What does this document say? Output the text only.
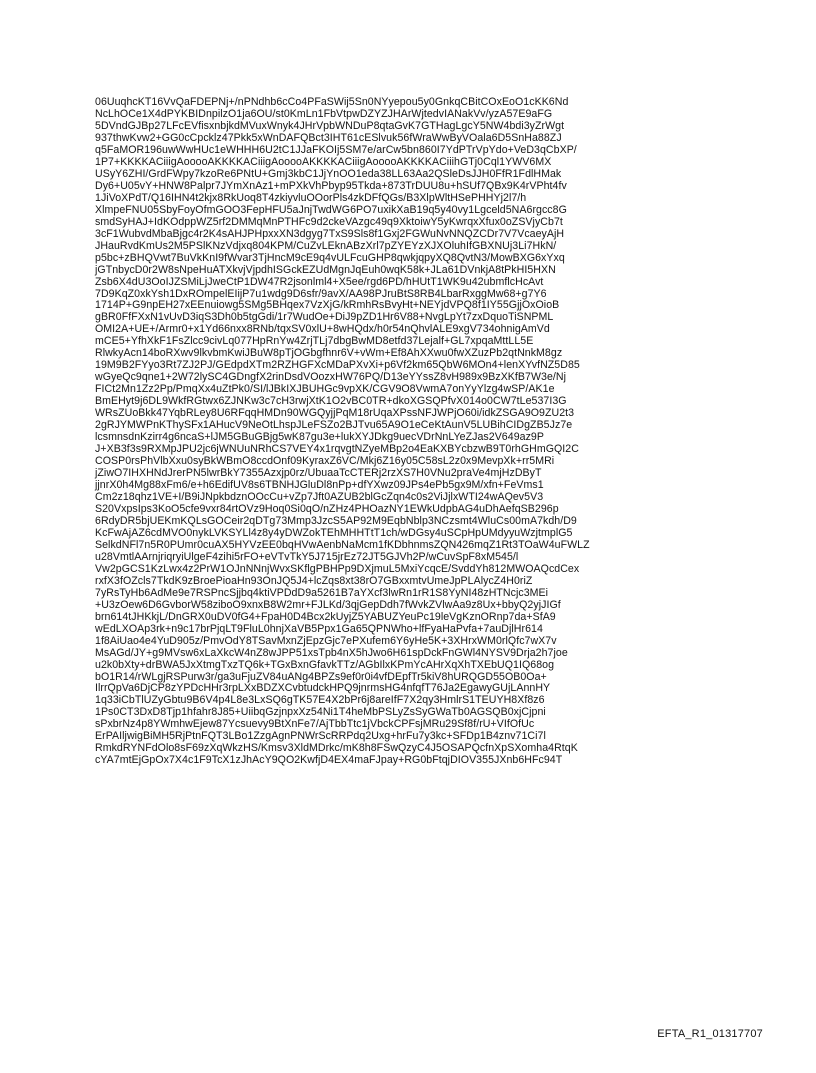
06UuqhcKT16VvQaFDEPNj+/nPNdhb6cCo4PFaSWij5Sn0NYyepou5y0GnkqCBitCOxEoO1cKK6Nd
NcLhOCe1X4dPYKBIDnpilzO1ja6OU/st0KmLn1FbVtpwDZYZJHArWjtedvIANakVv/yzA57E9aFG
5DVndGJBp27LFcEVfisxnbjkdMVuxWnyk4JHrVpbWNDuP8qtaGvK7GTHagLgcY5NW4bdi3yZrWgt
937thwKvw2+GG0cCpcklz47Pkk5xWnDAFQBct3IHT61cESlvuk56fWraWwByVOala6D5SnHa88ZJ
q5FaMOR196uwWwHUc1eWHHH6U2tC1JJaFKOIj5SM7e/arCw5bn860I7YdPTrVpYdo+VeD3qCbXP/
1P7+KKKKACiiigAooooAKKKKACiiigAooooAKKKKACiiigAooooAKKKKACiiihGTj0Cql1YWV6MX
USyY6ZHI/GrdFWpy7kzoRe6PNtU+Gmj3kbC1JjYnOO1eda38LL63Aa2QSleDsJJH0FfR1FdlHMak
Dy6+U05vY+HNW8Palpr7JYmXnAz1+mPXkVhPbyp95Tkda+873TrDUU8u+hSUf7QBx9K4rVPht4fv
1JiVoXPdT/Q16IHN4t2kjx8RkUoq8T4zkiyvluOOorPls4zkDFfQGs/B3XlpWltHSePHHYj2l7/h
XlmpeFNU05SbyFoyOfmGOO3FepHFU5aJnjTwdWG6PO7uxikXaB19q5y40vy1Lgceld5NA6rgcc8G
smdSyHAJ+IdKOdppWZ5rf2DMMqMnPTHFc9d2ckeVAzgc49q9XktoiwY5yKwrqxXfux0oZSVjyCb7t
3cF1WubvdMbaBjgc4r2K4sAHJPHpxxXN3dgyg7TxS9Sls8f1Gxj2FGWuNvNNQZCDr7V7VcaeyAjH
JHauRvdKmUs2M5PSlKNzVdjxq804KPM/CuZvLEknABzXrl7pZYEYzXJXOluhIfGBXNUj3Li7HkN/
p5bc+zBHQVwt7BuVkKnI9fWvar3TjHncM9cE9q4vULFcuGHP8qwkjqpyXQ8QvtN3/MowBXG6xYxq
jGTnbycD0r2W8sNpeHuATXkvjVjpdhISGckEZUdMgnJqEuh0wqK58k+JLa61DVnkjA8tPkHI5HXN
Zsb6X4dU3OoIJZSMiLjJweCtP1DW47R2jsonlml4+X5ee/rgd6PD/hHUtT1WK9u42ubmflcHcAvt
7D9KqZ0xkYsh1DxROmpelEIijP7u1wdg9D6sfr/9avX/AA98PJruBtS8RB4LbarRxggMw68+g7Y6
1714P+G9npEH27xEEnuiowg5SMg5BHqex7VzXjG/kRmhRsBvyHt+NEYjdVPQ8f1IY55GjjOxOioB
gBR0FfFXxN1vUvD3iqS3Dh0b5tgGdi/1r7WudOe+DiJ9pZD1Hr6V88+NvgLpYt7zxDquoTiSNPML
OMI2A+UE+/Armr0+x1Yd66nxx8RNb/tqxSV0xlU+8wHQdx/h0r54nQhvlALE9xgV734ohnigAmVd
mCE5+YfhXkF1FsZlcc9civLq077HpRnYw4ZrjTLj7dbgBwMD8etfd37Lejalf+GL7xpqaMttLL5E
RlwkyAcn14boRXwv9lkvbmKwiJBuW8pTjOGbgfhnr6V+vWm+Ef8AhXXwu0fwXZuzPb2qtNnkM8gz
19M9B2FYyo3Rt7ZJ2PJ/GEdpdXTm2RZHGFXcMDaPXvXi+p6Vf2km65QbW6MOn4+lenXYvfNZ5D85
wGyeQc9qne1+2W72lySC4GDngfX2rinDsdVOozxHW76PQ/D13eYYssZ8vH989x9BzXKfB7W3e/Nj
FICt2Mn1Zz2Pp/PmqXx4uZtPk0/SI/lJBkIXJBUHGc9vpXK/CGV9O8VwmA7onYyYlzg4wSP/AK1e
BmEHyt9j6DL9WkfRGtwx6ZJNKw3c7cH3rwjXtK1O2vBC0TR+dkoXGSQPfvX014o0CW7tLe537I3G
WRsZUoBkk47YqbRLey8U6RFqqHMDn90WGQyjjPqM18rUqaXPssNFJWPjO60i/idkZSGA9O9ZU2t3
2gRJYMWPnKThySFx1AHucV9NeOtLhspJLeFSZo2BJTvu65A9O1eCeKtAunV5LUBihCIDgZB5Jz7e
lcsmnsdnKzirr4g6ncaS+lJM5GBuGBjg5wK87gu3e+lukXYJDkg9uecVDrNnLYeZJas2V649az9P
J+XB3f3s9RXMpJPU2jc6jWNUuNRhCS7VEY4x1rqvgtNZyeMBp2o4EaKXBYcbzwB9T0rhGHmGQI2C
COSP0rsPhVlbXxu0syBkWBmO8ccdOnf09KyraxZ6VC/Mkj6Z16y05C58sL2z0x9MevpXk+rr5MRi
jZiwO7IHXHNdJrerPN5lwrBkY7355Azxjp0rz/UbuaaTcCTERj2rzXS7H0VNu2praVe4mjHzDByT
jjnrX0h4Mg88xFm6/e+h6EdifUV8s6TBNHJGluDl8nPp+dfYXwz09JPs4ePb5gx9M/xfn+FeVms1
Cm2z18qhz1VE+I/B9iJNpkbdznOOcCu+vZp7Jft0AZUB2blGcZqn4c0s2ViJjlxWTI24wAQev5V3
S20VxpsIps3KoO5cfe9vxr84rtOVz9Hoq0Si0qO/nZHz4PHOazNY1EWkUdpbAG4uDhAefqSB296p
6RdyDR5bjUEKmKQLsGOCeir2qDTg73Mmp3JzcS5AP92M9EqbNblp3NCzsmt4WluCs00mA7kdh/D9
KcFwAjAZ6cdMVO0nykLVKSYLl4z8y4yDWZokTEhMHHTtT1ch/wDGsy4uSCpHpUMdyyuWzjtmplG5
SelkdNFl7n5R0PUmr0cuAX5HYVzEE0bqHVwAenbNaMcm1fKDbhnmsZQN426mqZ1Rt3TOaW4uFWLZ
u28VmtlAArnjriqryiUlgeF4zihi5rFO+eVTvTkY5J715jrEz72JT5GJVh2P/wCuvSpF8xM545/l
Vw2pGCS1KzLwx4z2PrW1OJnNNnjWvxSKflgPBHPp9DXjmuL5MxiYcqcE/SvddYh812MWOAQcdCex
rxfX3fOZcls7TkdK9zBroePioaHn93OnJQ5J4+lcZqs8xt38rO7GBxxmtvUmeJpPLAlycZ4H0riZ
7yRsTyHb6AdMe9e7RSPncSjjbq4ktiVPDdD9a5261B7aYXcf3lwRn1rR1S8YyNI48zHTNcjc3MEi
+U3zOew6D6GvborW58ziboO9xnxB8W2mr+FJLKd/3qjGepDdh7fWvkZVlwAa9z8Ux+bbyQ2yjJIGf
brn614tJHKkjL/DnGRX0uDV0fG4+FpaH0D4Bcx2kUyjZ5YABUZYeuPc19leVgKznORnp7da+SfA9
wEdLXOAp3rk+n9c17brPjqLT9FluL0hnjXaVB5Ppx1Ga65QPNWho+lfFyaHaPvfa+7auDjlHr614
1f8AiUao4e4YuD905z/PmvOdY8TSavMxnZjEpzGjc7ePXufem6Y6yHe5K+3XHrxWM0rlQfc7wX7v
MsAGd/JY+g9MVsw6xLaXkcW4nZ8wJPP51xsTpb4nX5hJwo6H61spDckFnGWl4NYSV9Drja2h7joe
u2k0bXty+drBWA5JxXtmgTxzTQ6k+TGxBxnGfavkTTz/AGbIlxKPmYcAHrXqXhTXEbUQ1IQ68og
bO1R14/rWLgjRSPurw3r/ga3uFjuZV84uANg4BPZs9ef0r0i4vfDEpfTr5kiV8hURQGD55OB0Oa+
IlrrQpVa6DjCP8zYPDcHHr3rpLXxBDZXCvbtudckHPQ9jnrmsHG4nfqfT76Ja2EgawyGUjLAnnHY
1q33iCbTlUZyGbtu9B6V4p4L8e3LxSQ6gTK57E4X2bPr6j8areIfF7X2qy3HmlrS1TEUYH8Xf8z6
1Ps0CT3DxD8Tjp1hfahr8J85+UiibqGzjnpxXz54Ni1T4heMbPSLyZsSyGWaTb0AGSQB0xjCjpni
sPxbrNz4p8YWmhwEjew87Ycsuevy9BtXnFe7/AjTbbTtc1jVbckCPFsjMRu29Sf8f/rU+VIfOfUc
ErPAIljwigBiMH5RjPtnFQT3LBo1ZzgAgnPNWrScRRPdq2Uxg+hrFu7y3kc+SFDp1B4znv71Ci7l
RmkdRYNFdOlo8sF69zXqWkzHS/Kmsv3XldMDrkc/mK8h8FSwQzyC4J5OSAPQcfnXpSXomha4RtqK
cYA7mtEjGpOx7X4c1F9TcX1zJhAcY9QO2KwfjD4EX4maFJpay+RG0bFtqjDIOV355JXnb6HFc94T
EFTA_R1_01317707
